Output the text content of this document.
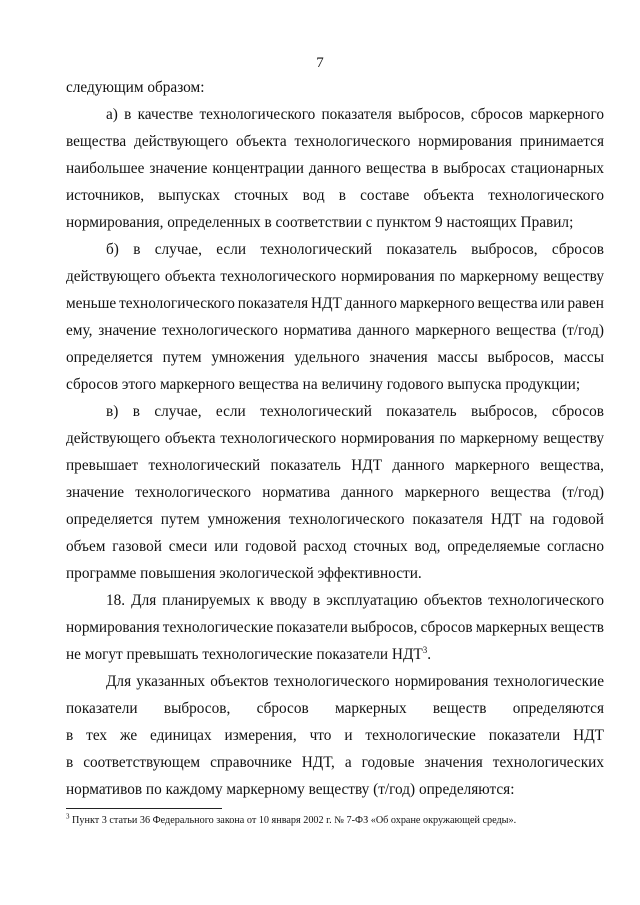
7
следующим образом:
а) в качестве технологического показателя выбросов, сбросов маркерного
вещества действующего объекта технологического нормирования принимается
наибольшее значение концентрации данного вещества в выбросах стационарных
источников, выпусках сточных вод в составе объекта технологического
нормирования, определенных в соответствии с пунктом 9 настоящих Правил;
б) в случае, если технологический показатель выбросов, сбросов
действующего объекта технологического нормирования по маркерному веществу
меньше технологического показателя НДТ данного маркерного вещества или равен
ему, значение технологического норматива данного маркерного вещества (т/год)
определяется путем умножения удельного значения массы выбросов, массы
сбросов этого маркерного вещества на величину годового выпуска продукции;
в) в случае, если технологический показатель выбросов, сбросов
действующего объекта технологического нормирования по маркерному веществу
превышает технологический показатель НДТ данного маркерного вещества,
значение технологического норматива данного маркерного вещества (т/год)
определяется путем умножения технологического показателя НДТ на годовой
объем газовой смеси или годовой расход сточных вод, определяемые согласно
программе повышения экологической эффективности.
18. Для планируемых к вводу в эксплуатацию объектов технологического
нормирования технологические показатели выбросов, сбросов маркерных веществ
не могут превышать технологические показатели НДТ$^3$.
Для указанных объектов технологического нормирования технологические
показатели выбросов, сбросов маркерных веществ определяются
в тех же единицах измерения, что и технологические показатели НДТ
в соответствующем справочнике НДТ, а годовые значения технологических
нормативов по каждому маркерному веществу (т/год) определяются:
$^3$ Пункт 3 статьи 36 Федерального закона от 10 января 2002 г. № 7-ФЗ «Об охране окружающей среды».
